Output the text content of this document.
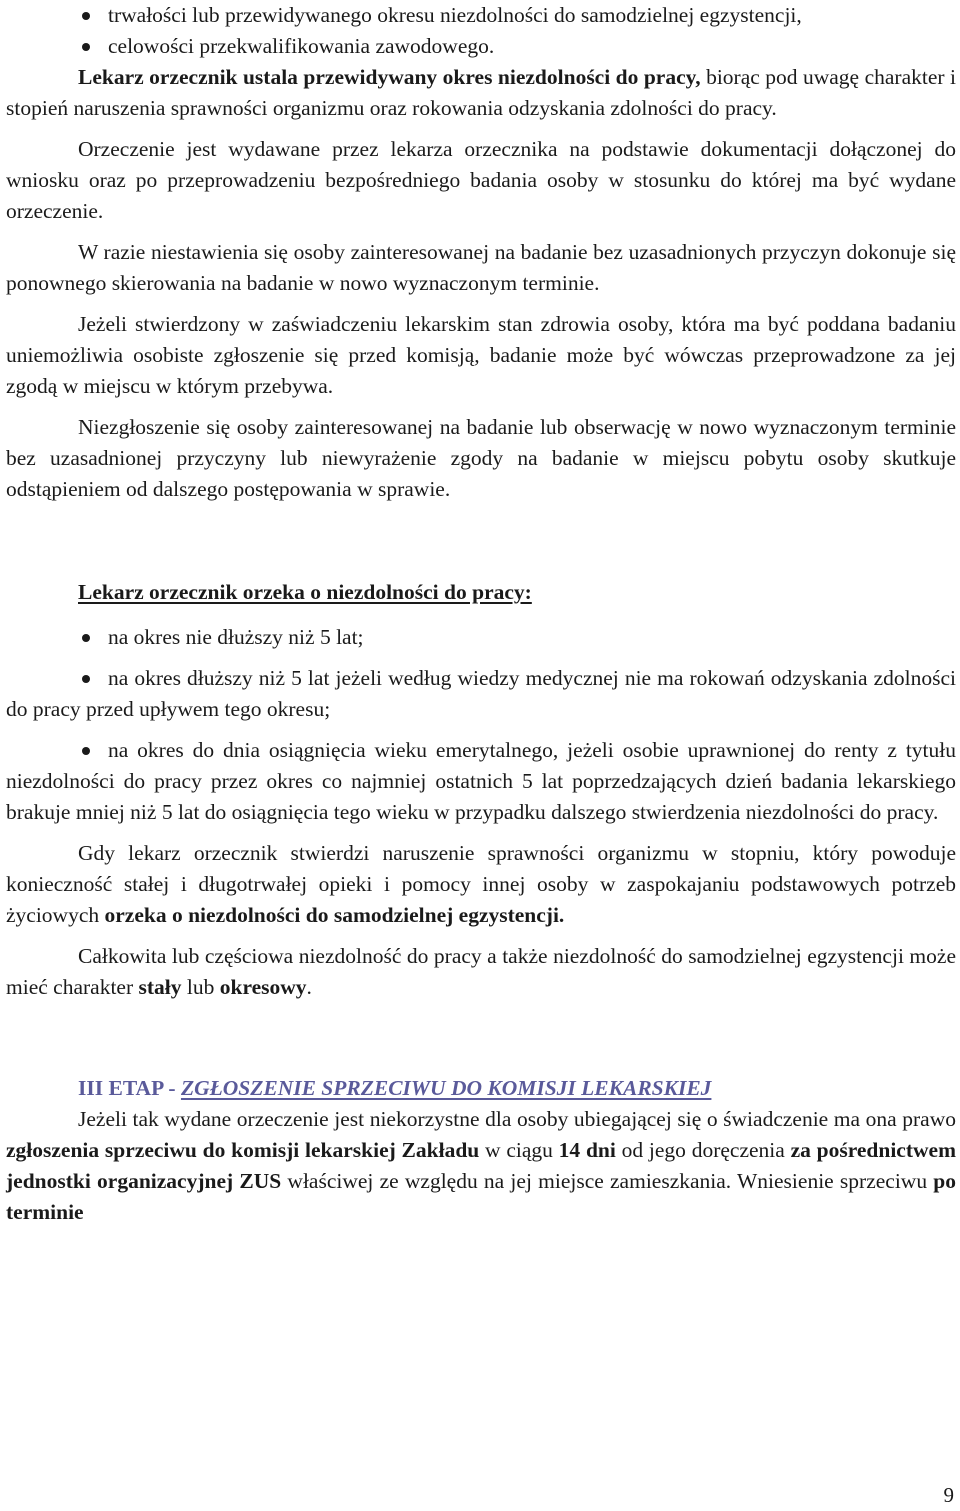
trwałości lub przewidywanego okresu niezdolności do samodzielnej egzystencji,

celowości przekwalifikowania zawodowego.

Lekarz orzecznik ustala przewidywany okres niezdolności do pracy, biorąc pod uwagę charakter i stopień naruszenia sprawności organizmu oraz rokowania odzyskania zdolności do pracy.

Orzeczenie jest wydawane przez lekarza orzecznika na podstawie dokumentacji dołączonej do wniosku oraz po przeprowadzeniu bezpośredniego badania osoby w stosunku do której ma być wydane orzeczenie.

W razie niestawienia się osoby zainteresowanej na badanie bez uzasadnionych przyczyn dokonuje się ponownego skierowania na badanie w nowo wyznaczonym terminie.

Jeżeli stwierdzony w zaświadczeniu lekarskim stan zdrowia osoby, która ma być poddana badaniu uniemożliwia osobiste zgłoszenie się przed komisją, badanie może być wówczas przeprowadzone za jej zgodą w miejscu w którym przebywa.

Niezgłoszenie się osoby zainteresowanej na badanie lub obserwację w nowo wyznaczonym terminie bez uzasadnionej przyczyny lub niewyrażenie zgody na badanie w miejscu pobytu osoby skutkuje odstąpieniem od dalszego postępowania w sprawie.

Lekarz orzecznik orzeka o niezdolności do pracy:

na okres nie dłuższy niż 5 lat;

na okres dłuższy niż 5 lat jeżeli według wiedzy medycznej nie ma rokowań odzyskania zdolności do pracy przed upływem tego okresu;

na okres do dnia osiągnięcia wieku emerytalnego, jeżeli osobie uprawnionej do renty z tytułu niezdolności do pracy przez okres co najmniej ostatnich 5 lat poprzedzających dzień badania lekarskiego brakuje mniej niż 5 lat do osiągnięcia tego wieku w przypadku dalszego stwierdzenia niezdolności do pracy.

Gdy lekarz orzecznik stwierdzi naruszenie sprawności organizmu w stopniu, który powoduje konieczność stałej i długotrwałej opieki i pomocy innej osoby w zaspokajaniu podstawowych potrzeb życiowych orzeka o niezdolności do samodzielnej egzystencji.

Całkowita lub częściowa niezdolność do pracy a także niezdolność do samodzielnej egzystencji może mieć charakter stały lub okresowy.

III ETAP - ZGŁOSZENIE SPRZECIWU DO KOMISJI LEKARSKIEJ

Jeżeli tak wydane orzeczenie jest niekorzystne dla osoby ubiegającej się o świadczenie ma ona prawo zgłoszenia sprzeciwu do komisji lekarskiej Zakładu w ciągu 14 dni od jego doręczenia za pośrednictwem jednostki organizacyjnej ZUS właściwej ze względu na jej miejsce zamieszkania. Wniesienie sprzeciwu po terminie

9
